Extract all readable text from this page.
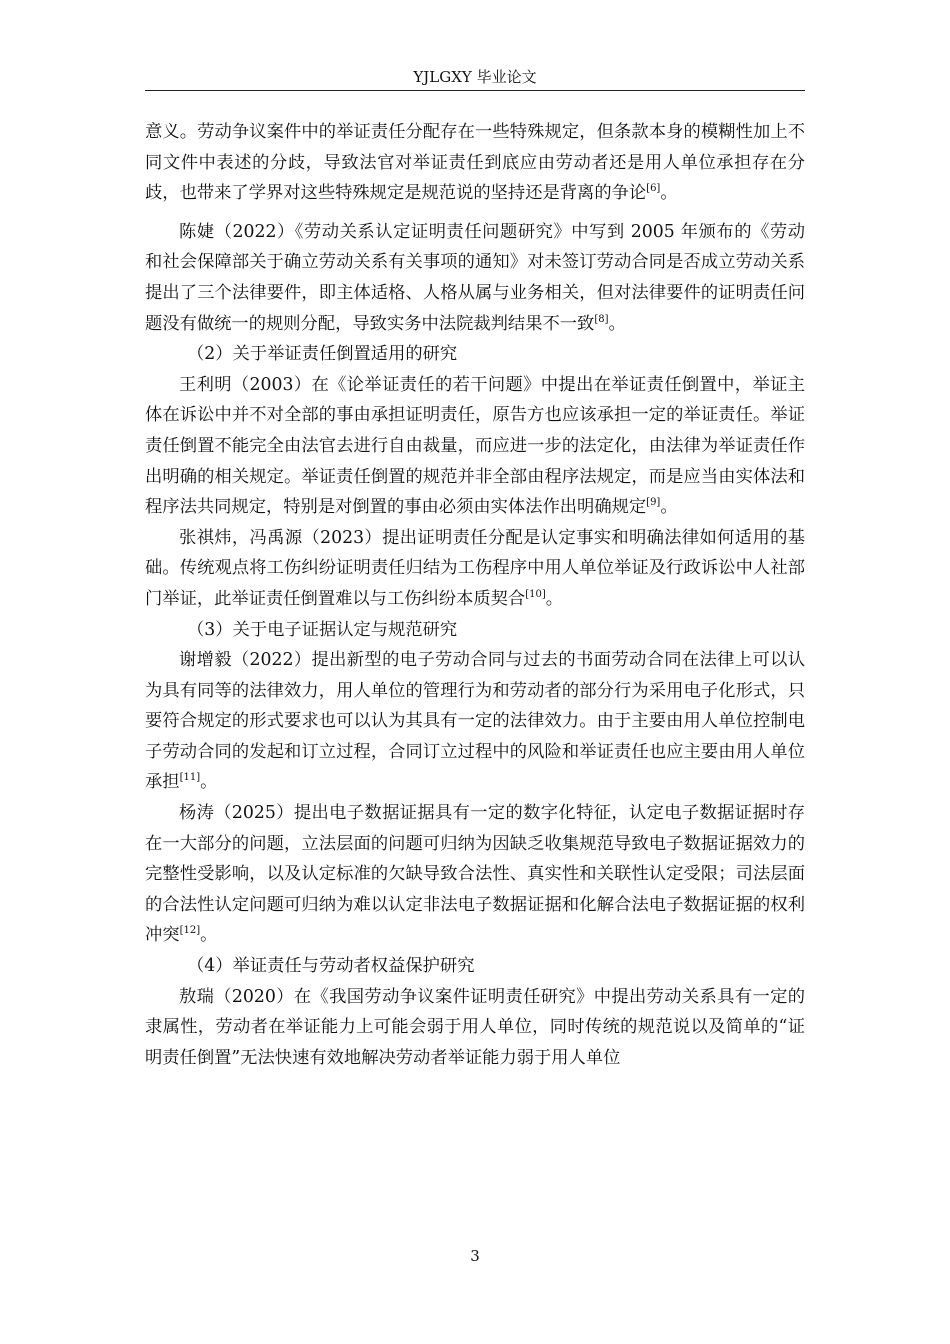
YJLGXY 毕业论文

意义。劳动争议案件中的举证责任分配存在一些特殊规定，但条款本身的模糊性加上不同文件中表述的分歧，导致法官对举证责任到底应由劳动者还是用人单位承担存在分歧，也带来了学界对这些特殊规定是规范说的坚持还是背离的争论[6]。

陈婕（2022）《劳动关系认定证明责任问题研究》中写到 2005 年颁布的《劳动和社会保障部关于确立劳动关系有关事项的通知》对未签订劳动合同是否成立劳动关系提出了三个法律要件，即主体适格、人格从属与业务相关，但对法律要件的证明责任问题没有做统一的规则分配，导致实务中法院裁判结果不一致[8]。

（2）关于举证责任倒置适用的研究

王利明（2003）在《论举证责任的若干问题》中提出在举证责任倒置中，举证主体在诉讼中并不对全部的事由承担证明责任，原告方也应该承担一定的举证责任。举证责任倒置不能完全由法官去进行自由裁量，而应进一步的法定化，由法律为举证责任作出明确的相关规定。举证责任倒置的规范并非全部由程序法规定，而是应当由实体法和程序法共同规定，特别是对倒置的事由必须由实体法作出明确规定[9]。

张祺炜，冯禹源（2023）提出证明责任分配是认定事实和明确法律如何适用的基础。传统观点将工伤纠纷证明责任归结为工伤程序中用人单位举证及行政诉讼中人社部门举证，此举证责任倒置难以与工伤纠纷本质契合[10]。

（3）关于电子证据认定与规范研究

谢增毅（2022）提出新型的电子劳动合同与过去的书面劳动合同在法律上可以认为具有同等的法律效力，用人单位的管理行为和劳动者的部分行为采用电子化形式，只要符合规定的形式要求也可以认为其具有一定的法律效力。由于主要由用人单位控制电子劳动合同的发起和订立过程，合同订立过程中的风险和举证责任也应主要由用人单位承担[11]。

杨涛（2025）提出电子数据证据具有一定的数字化特征，认定电子数据证据时存在一大部分的问题，立法层面的问题可归纳为因缺乏收集规范导致电子数据证据效力的完整性受影响，以及认定标准的欠缺导致合法性、真实性和关联性认定受限；司法层面的合法性认定问题可归纳为难以认定非法电子数据证据和化解合法电子数据证据的权利冲突[12]。

（4）举证责任与劳动者权益保护研究

敖瑞（2020）在《我国劳动争议案件证明责任研究》中提出劳动关系具有一定的隶属性，劳动者在举证能力上可能会弱于用人单位，同时传统的规范说以及简单的“证明责任倒置”无法快速有效地解决劳动者举证能力弱于用人单位

3
